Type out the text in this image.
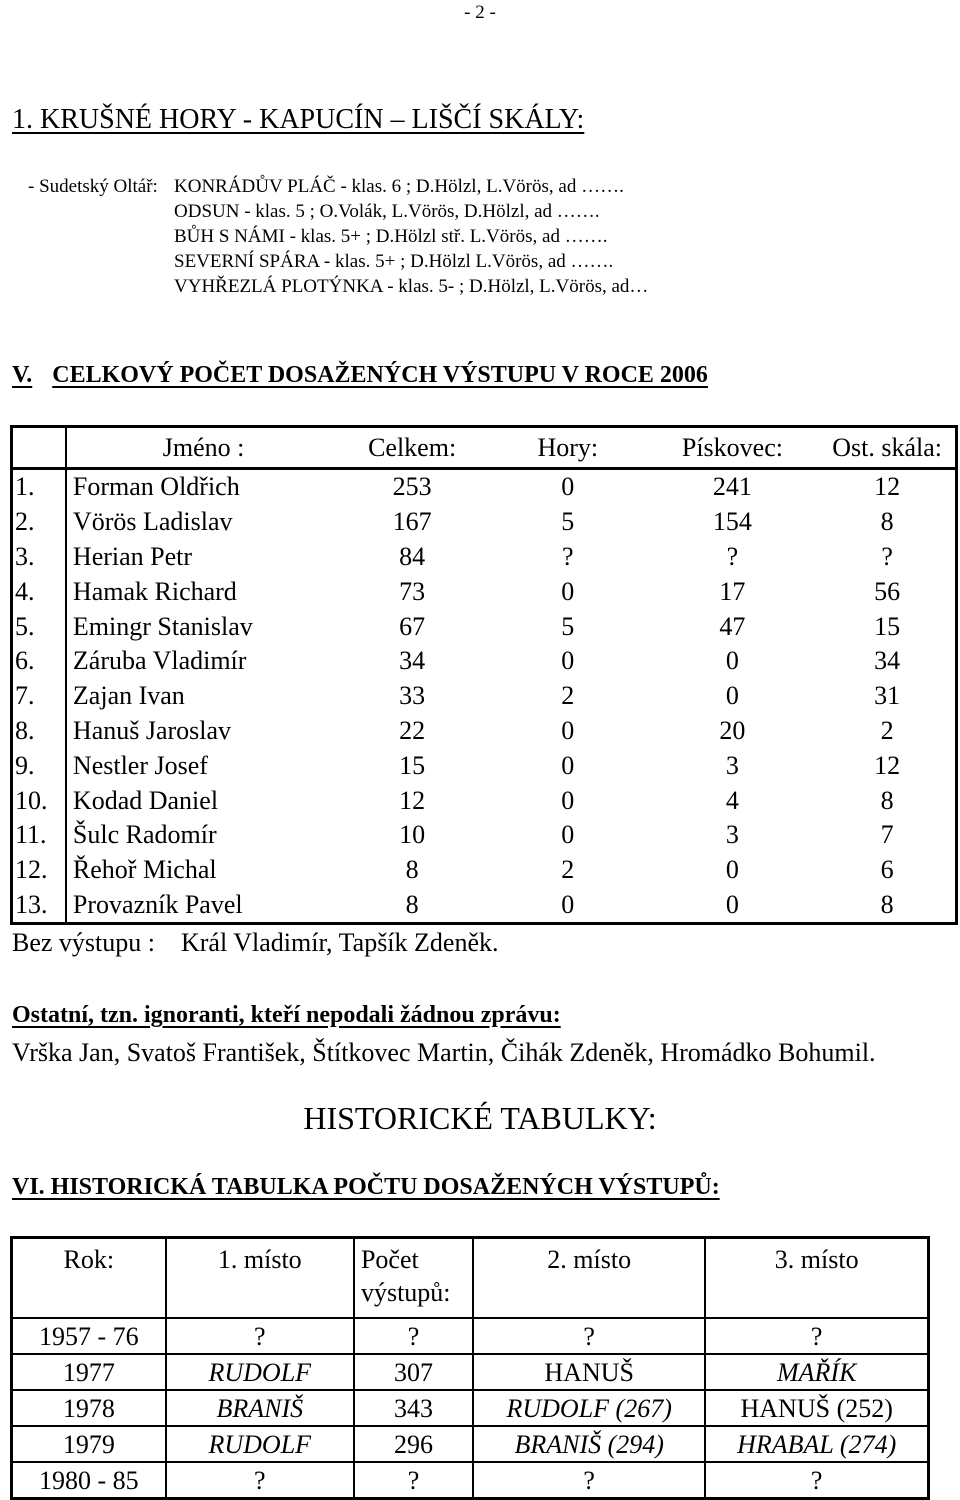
- 2 -
1. KRUŠNÉ HORY - KAPUCÍN – LIŠČÍ SKÁLY:
- Sudetský Oltář: KONRÁDŮV PLÁČ - klas. 6 ; D.Hölzl, L.Vörös, ad …….
ODSUN - klas. 5 ; O.Volák, L.Vörös, D.Hölzl, ad …….
BŮH S NÁMI - klas. 5+ ; D.Hölzl stř. L.Vörös, ad …….
SEVERNÍ SPÁRA - klas. 5+ ; D.Hölzl L.Vörös, ad …….
VYHŘEZLÁ PLOTÝNKA - klas. 5- ; D.Hölzl, L.Vörös, ad…
V. CELKOVÝ POČET DOSAŽENÝCH VÝSTUPU V ROCE 2006
	Jméno :	Celkem:	Hory:	Pískovec:	Ost. skála:
1.	Forman Oldřich	253	0	241	12
2.	Vörös Ladislav	167	5	154	8
3.	Herian Petr	84	?	?	?
4.	Hamak Richard	73	0	17	56
5.	Emingr Stanislav	67	5	47	15
6.	Záruba Vladimír	34	0	0	34
7.	Zajan Ivan	33	2	0	31
8.	Hanuš Jaroslav	22	0	20	2
9.	Nestler Josef	15	0	3	12
10.	Kodad Daniel	12	0	4	8
11.	Šulc Radomír	10	0	3	7
12.	Řehoř Michal	8	2	0	6
13.	Provazník Pavel	8	0	0	8
Bez výstupu : Král Vladimír, Tapšík Zdeněk.
Ostatní, tzn. ignoranti, kteří nepodali žádnou zprávu:
Vrška Jan, Svatoš František, Štítkovec Martin, Čihák Zdeněk, Hromádko Bohumil.
HISTORICKÉ TABULKY:
VI. HISTORICKÁ TABULKA POČTU DOSAŽENÝCH VÝSTUPŮ:
Rok:	1. místo	Počet výstupů:	2. místo	3. místo
1957 - 76	?	?	?	?
1977	RUDOLF	307	HANUŠ	MAŘÍK
1978	BRANIŠ	343	RUDOLF (267)	HANUŠ (252)
1979	RUDOLF	296	BRANIŠ (294)	HRABAL (274)
1980 - 85	?	?	?	?
